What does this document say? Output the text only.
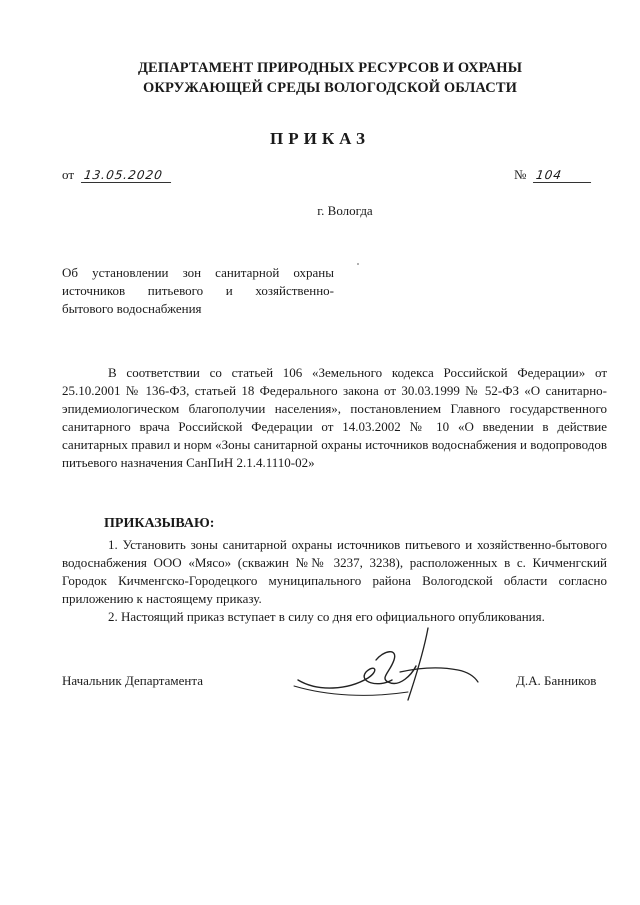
ДЕПАРТАМЕНТ ПРИРОДНЫХ РЕСУРСОВ И ОХРАНЫ
ОКРУЖАЮЩЕЙ СРЕДЫ ВОЛОГОДСКОЙ ОБЛАСТИ
ПРИКАЗ
от 13.05.2020	№ 104
г. Вологда
Об установлении зон санитарной охраны
источников питьевого и хозяйственно-
бытового водоснабжения
В соответствии со статьей 106 «Земельного кодекса Российской Федерации» от 25.10.2001 № 136-ФЗ, статьей 18 Федерального закона от 30.03.1999 № 52-ФЗ «О санитарно-эпидемиологическом благополучии населения», постановлением Главного государственного санитарного врача Российской Федерации от 14.03.2002 № 10 «О введении в действие санитарных правил и норм «Зоны санитарной охраны источников водоснабжения и водопроводов питьевого назначения СанПиН 2.1.4.1110-02»
ПРИКАЗЫВАЮ:

1. Установить зоны санитарной охраны источников питьевого и хозяйственно-бытового водоснабжения ООО «Мясо» (скважин №№ 3237, 3238), расположенных в с. Кичменгский Городок Кичменгско-Городецкого муниципального района Вологодской области согласно приложению к настоящему приказу.

2. Настоящий приказ вступает в силу со дня его официального опубликования.

Начальник Департамента	Д.А. Банников
